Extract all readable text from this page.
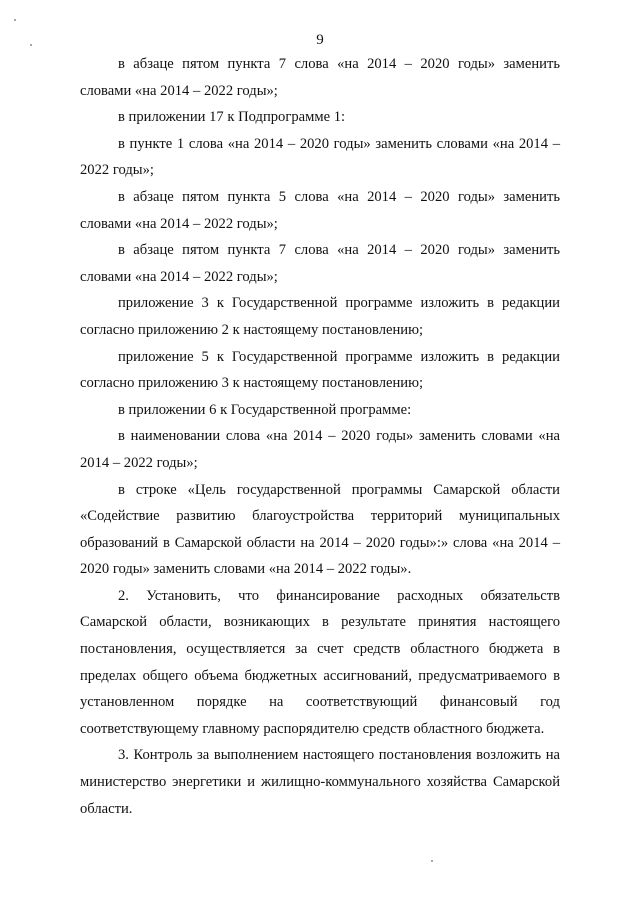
9

в абзаце пятом пункта 7 слова «на 2014 – 2020 годы» заменить словами «на 2014 – 2022 годы»;

в приложении 17 к Подпрограмме 1:

в пункте 1 слова «на 2014 – 2020 годы» заменить словами «на 2014 – 2022 годы»;

в абзаце пятом пункта 5 слова «на 2014 – 2020 годы» заменить словами «на 2014 – 2022 годы»;

в абзаце пятом пункта 7 слова «на 2014 – 2020 годы» заменить словами «на 2014 – 2022 годы»;

приложение 3 к Государственной программе изложить в редакции согласно приложению 2 к настоящему постановлению;

приложение 5 к Государственной программе изложить в редакции согласно приложению 3 к настоящему постановлению;

в приложении 6 к Государственной программе:

в наименовании слова «на 2014 – 2020 годы» заменить словами «на 2014 – 2022 годы»;

в строке «Цель государственной программы Самарской области «Содействие развитию благоустройства территорий муниципальных образований в Самарской области на 2014 – 2020 годы»:» слова «на 2014 – 2020 годы» заменить словами «на 2014 – 2022 годы».

2. Установить, что финансирование расходных обязательств Самарской области, возникающих в результате принятия настоящего постановления, осуществляется за счет средств областного бюджета в пределах общего объема бюджетных ассигнований, предусматриваемого в установленном порядке на соответствующий финансовый год соответствующему главному распорядителю средств областного бюджета.

3. Контроль за выполнением настоящего постановления возложить на министерство энергетики и жилищно-коммунального хозяйства Самарской области.
